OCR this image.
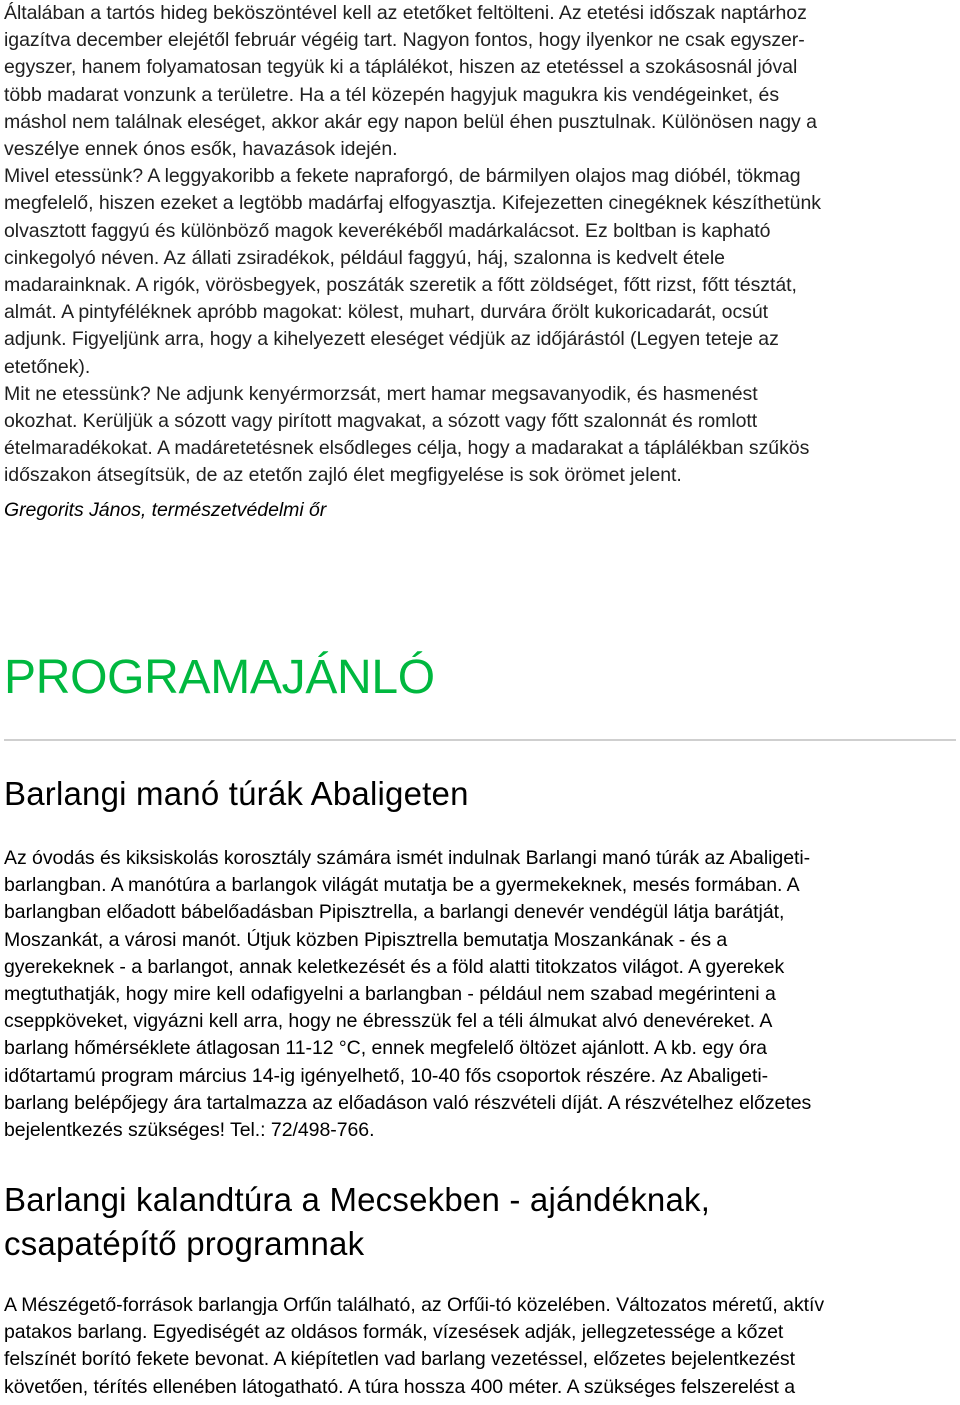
Általában a tartós hideg beköszöntével kell az etetőket feltölteni. Az etetési időszak naptárhoz
igazítva december elejétől február végéig tart. Nagyon fontos, hogy ilyenkor ne csak egyszer-
egyszer, hanem folyamatosan tegyük ki a táplálékot, hiszen az etetéssel a szokásosnál jóval
több madarat vonzunk a területre. Ha a tél közepén hagyjuk magukra kis vendégeinket, és
máshol nem találnak eleséget, akkor akár egy napon belül éhen pusztulnak. Különösen nagy a
veszélye ennek ónos esők, havazások idején.
Mivel etessünk? A leggyakoribb a fekete napraforgó, de bármilyen olajos mag dióbél, tökmag
megfelelő, hiszen ezeket a legtöbb madárfaj elfogyasztja. Kifejezetten cinegéknek készíthetünk
olvasztott faggyú és különböző magok keverékéből madárkalácsot. Ez boltban is kapható
cinkegolyó néven. Az állati zsiradékok, például faggyú, háj, szalonna is kedvelt étele
madarainknak. A rigók, vörösbegyek, poszáták szeretik a főtt zöldséget, főtt rizst, főtt tésztát,
almát. A pintyféléknek apróbb magokat: kölest, muhart, durvára őrölt kukoricadarát, ocsút
adjunk. Figyeljünk arra, hogy a kihelyezett eleséget védjük az időjárástól (Legyen teteje az
etetőnek).
Mit ne etessünk? Ne adjunk kenyérmorzsát, mert hamar megsavanyodik, és hasmenést
okozhat. Kerüljük a sózott vagy pirított magvakat, a sózott vagy főtt szalonnát és romlott
ételmaradékokat. A madáretetésnek elsődleges célja, hogy a madarakat a táplálékban szűkös
időszakon átsegítsük, de az etetőn zajló élet megfigyelése is sok örömet jelent.

Gregorits János, természetvédelmi őr

PROGRAMAJÁNLÓ
Barlangi manó túrák Abaligeten

Az óvodás és kiksiskolás korosztály számára ismét indulnak Barlangi manó túrák az Abaligeti-
barlangban. A manótúra a barlangok világát mutatja be a gyermekeknek, mesés formában. A
barlangban előadott bábelőadásban Pipisztrella, a barlangi denevér vendégül látja barátját,
Moszankát, a városi manót. Útjuk közben Pipisztrella bemutatja Moszankának - és a
gyerekeknek - a barlangot, annak keletkezését és a föld alatti titokzatos világot. A gyerekek
megtuthatják, hogy mire kell odafigyelni a barlangban - például nem szabad megérinteni a
cseppköveket, vigyázni kell arra, hogy ne ébresszük fel a téli álmukat alvó denevéreket. A
barlang hőmérséklete átlagosan 11-12 °C, ennek megfelelő öltözet ajánlott. A kb. egy óra
időtartamú program március 14-ig igényelhető, 10-40 fős csoportok részére. Az Abaligeti-
barlang belépőjegy ára tartalmazza az előadáson való részvételi díját. A részvételhez előzetes
bejelentkezés szükséges! Tel.: 72/498-766.

Barlangi kalandtúra a Mecsekben - ajándéknak,
csapatépítő programnak

A Mészégető-források barlangja Orfűn található, az Orfűi-tó közelében. Változatos méretű, aktív
patakos barlang. Egyediségét az oldásos formák, vízesések adják, jellegzetessége a kőzet
felszínét borító fekete bevonat. A kiépítetlen vad barlang vezetéssel, előzetes bejelentkezést
követően, térítés ellenében látogatható. A túra hossza 400 méter. A szükséges felszerelést a
